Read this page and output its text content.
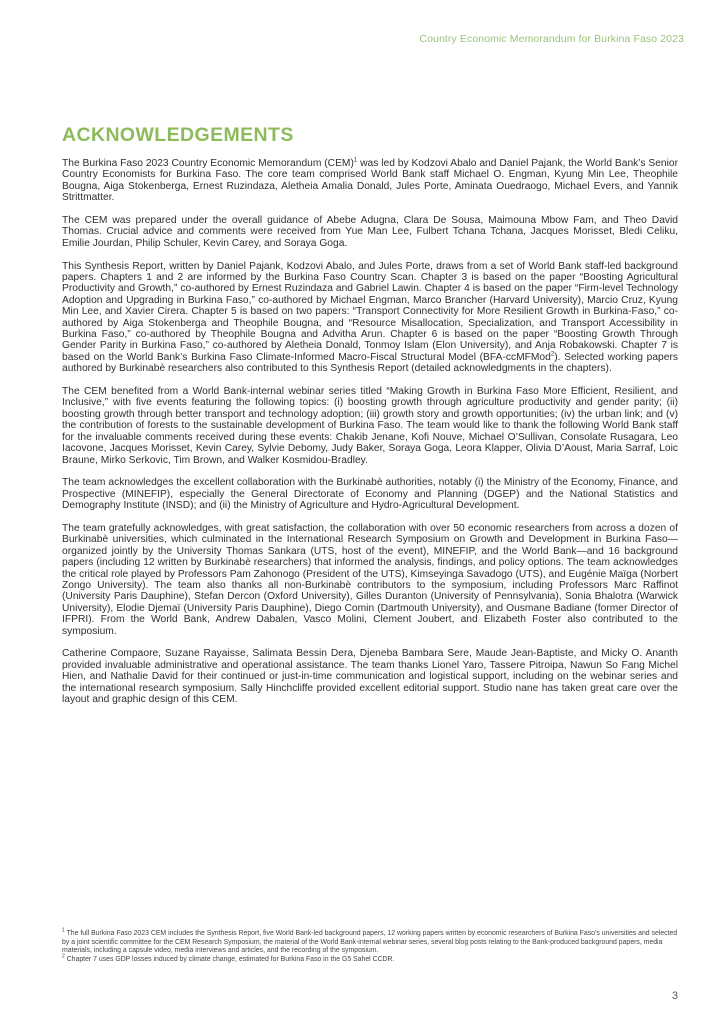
Country Economic Memorandum for Burkina Faso 2023
ACKNOWLEDGEMENTS

The Burkina Faso 2023 Country Economic Memorandum (CEM)$^1$ was led by Kodzovi Abalo and Daniel Pajank, the World Bank’s Senior Country Economists for Burkina Faso. The core team comprised World Bank staff Michael O. Engman, Kyung Min Lee, Theophile Bougna, Aiga Stokenberga, Ernest Ruzindaza, Aletheia Amalia Donald, Jules Porte, Aminata Ouedraogo, Michael Evers, and Yannik Strittmatter.

The CEM was prepared under the overall guidance of Abebe Adugna, Clara De Sousa, Maimouna Mbow Fam, and Theo David Thomas. Crucial advice and comments were received from Yue Man Lee, Fulbert Tchana Tchana, Jacques Morisset, Bledi Celiku, Emilie Jourdan, Philip Schuler, Kevin Carey, and Soraya Goga.

This Synthesis Report, written by Daniel Pajank, Kodzovi Abalo, and Jules Porte, draws from a set of World Bank staff-led background papers. Chapters 1 and 2 are informed by the Burkina Faso Country Scan. Chapter 3 is based on the paper “Boosting Agricultural Productivity and Growth,” co-authored by Ernest Ruzindaza and Gabriel Lawin. Chapter 4 is based on the paper “Firm-level Technology Adoption and Upgrading in Burkina Faso,” co-authored by Michael Engman, Marco Brancher (Harvard University), Marcio Cruz, Kyung Min Lee, and Xavier Cirera. Chapter 5 is based on two papers: “Transport Connectivity for More Resilient Growth in Burkina-Faso,” co-authored by Aiga Stokenberga and Theophile Bougna, and “Resource Misallocation, Specialization, and Transport Accessibility in Burkina Faso,” co-authored by Theophile Bougna and Advitha Arun. Chapter 6 is based on the paper “Boosting Growth Through Gender Parity in Burkina Faso,” co-authored by Aletheia Donald, Tonmoy Islam (Elon University), and Anja Robakowski. Chapter 7 is based on the World Bank’s Burkina Faso Climate-Informed Macro-Fiscal Structural Model (BFA-ccMFMod$^2$). Selected working papers authored by Burkinabè researchers also contributed to this Synthesis Report (detailed acknowledgments in the chapters).

The CEM benefited from a World Bank-internal webinar series titled “Making Growth in Burkina Faso More Efficient, Resilient, and Inclusive,” with five events featuring the following topics: (i) boosting growth through agriculture productivity and gender parity; (ii) boosting growth through better transport and technology adoption; (iii) growth story and growth opportunities; (iv) the urban link; and (v) the contribution of forests to the sustainable development of Burkina Faso. The team would like to thank the following World Bank staff for the invaluable comments received during these events: Chakib Jenane, Kofi Nouve, Michael O’Sullivan, Consolate Rusagara, Leo Iacovone, Jacques Morisset, Kevin Carey, Sylvie Debomy, Judy Baker, Soraya Goga, Leora Klapper, Olivia D’Aoust, Maria Sarraf, Loic Braune, Mirko Serkovic, Tim Brown, and Walker Kosmidou-Bradley.

The team acknowledges the excellent collaboration with the Burkinabè authorities, notably (i) the Ministry of the Economy, Finance, and Prospective (MINEFIP), especially the General Directorate of Economy and Planning (DGEP) and the National Statistics and Demography Institute (INSD); and (ii) the Ministry of Agriculture and Hydro-Agricultural Development.

The team gratefully acknowledges, with great satisfaction, the collaboration with over 50 economic researchers from across a dozen of Burkinabè universities, which culminated in the International Research Symposium on Growth and Development in Burkina Faso—organized jointly by the University Thomas Sankara (UTS, host of the event), MINEFIP, and the World Bank—and 16 background papers (including 12 written by Burkinabè researchers) that informed the analysis, findings, and policy options. The team acknowledges the critical role played by Professors Pam Zahonogo (President of the UTS), Kimseyinga Savadogo (UTS), and Eugénie Maïga (Norbert Zongo University). The team also thanks all non-Burkinabè contributors to the symposium, including Professors Marc Raffinot (University Paris Dauphine), Stefan Dercon (Oxford University), Gilles Duranton (University of Pennsylvania), Sonia Bhalotra (Warwick University), Elodie Djemaï (University Paris Dauphine), Diego Comin (Dartmouth University), and Ousmane Badiane (former Director of IFPRI). From the World Bank, Andrew Dabalen, Vasco Molini, Clement Joubert, and Elizabeth Foster also contributed to the symposium.

Catherine Compaore, Suzane Rayaisse, Salimata Bessin Dera, Djeneba Bambara Sere, Maude Jean-Baptiste, and Micky O. Ananth provided invaluable administrative and operational assistance. The team thanks Lionel Yaro, Tassere Pitroipa, Nawun So Fang Michel Hien, and Nathalie David for their continued or just-in-time communication and logistical support, including on the webinar series and the international research symposium. Sally Hinchcliffe provided excellent editorial support. Studio nane has taken great care over the layout and graphic design of this CEM.

$^1$ The full Burkina Faso 2023 CEM includes the Synthesis Report, five World Bank-led background papers, 12 working papers written by economic researchers of Burkina Faso’s universities and selected by a joint scientific committee for the CEM Research Symposium, the material of the World Bank-internal webinar series, several blog posts relating to the Bank-produced background papers, media materials, including a capsule video, media interviews and articles, and the recording of the symposium.

$^2$ Chapter 7 uses GDP losses induced by climate change, estimated for Burkina Faso in the G5 Sahel CCDR.

3
